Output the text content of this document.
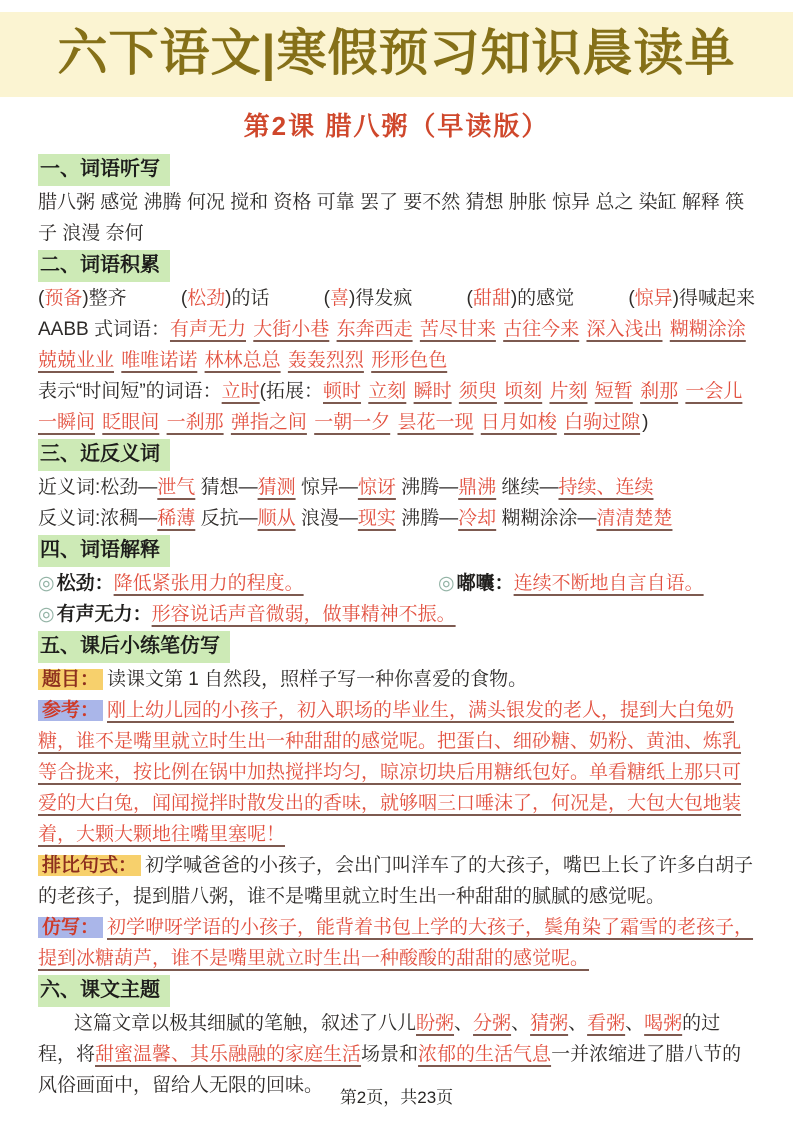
六下语文|寒假预习知识晨读单
第2课 腊八粥（早读版）
一、词语听写
腊八粥 感觉 沸腾 何况 搅和 资格 可靠 罢了 要不然 猜想 肿胀 惊异 总之 染缸 解释 筷子 浪漫 奈何
二、词语积累
(预备)整齐	(松劲)的话	(喜)得发疯	(甜甜)的感觉	(惊异)得喊起来
AABB 式词语：有声无力 大街小巷 东奔西走 苦尽甘来 古往今来 深入浅出 糊糊涂涂 兢兢业业 唯唯诺诺 林林总总 轰轰烈烈 形形色色
表示“时间短”的词语：立时(拓展：顿时 立刻 瞬时 须臾 顷刻 片刻 短暂 刹那 一会儿 一瞬间 眨眼间 一刹那 弹指之间 一朝一夕 昙花一现 日月如梭 白驹过隙 )
三、近反义词
近义词:松劲—泄气 猜想—猜测 惊异—惊讶 沸腾—鼎沸 继续—持续、连续
反义词:浓稠—稀薄 反抗—顺从 浪漫—现实 沸腾—冷却 糊糊涂涂—清清楚楚
四、词语解释
◎ 松劲：降低紧张用力的程度。	◎ 嘟囔：连续不断地自言自语。
◎ 有声无力：形容说话声音微弱，做事精神不振。
五、课后小练笔仿写
题目： 读课文第 1 自然段，照样子写一种你喜爱的食物。
参考： 刚上幼儿园的小孩子，初入职场的毕业生，满头银发的老人，提到大白兔奶糖，谁不是嘴里就立时生出一种甜甜的感觉呢。把蛋白、细砂糖、奶粉、黄油、炼乳等合拢来，按比例在锅中加热搅拌均匀，晾凉切块后用糖纸包好。单看糖纸上那只可爱的大白兔，闻闻搅拌时散发出的香味，就够咽三口唾沫了，何况是，大包大包地装着，大颗大颗地往嘴里塞呢！
排比句式： 初学喊爸爸的小孩子，会出门叫洋车了的大孩子，嘴巴上长了许多白胡子的老孩子，提到腊八粥，谁不是嘴里就立时生出一种甜甜的腻腻的感觉呢。
仿写： 初学咿呀学语的小孩子，能背着书包上学的大孩子，鬓角染了霜雪的老孩子，提到冰糖葫芦，谁不是嘴里就立时生出一种酸酸的甜甜的感觉呢。
六、课文主题
这篇文章以极其细腻的笔触，叙述了八儿盼粥、分粥、猜粥、看粥、喝粥的过程，将甜蜜温馨、其乐融融的家庭生活场景和浓郁的生活气息一并浓缩进了腊八节的风俗画面中，留给人无限的回味。
第2页，共23页
